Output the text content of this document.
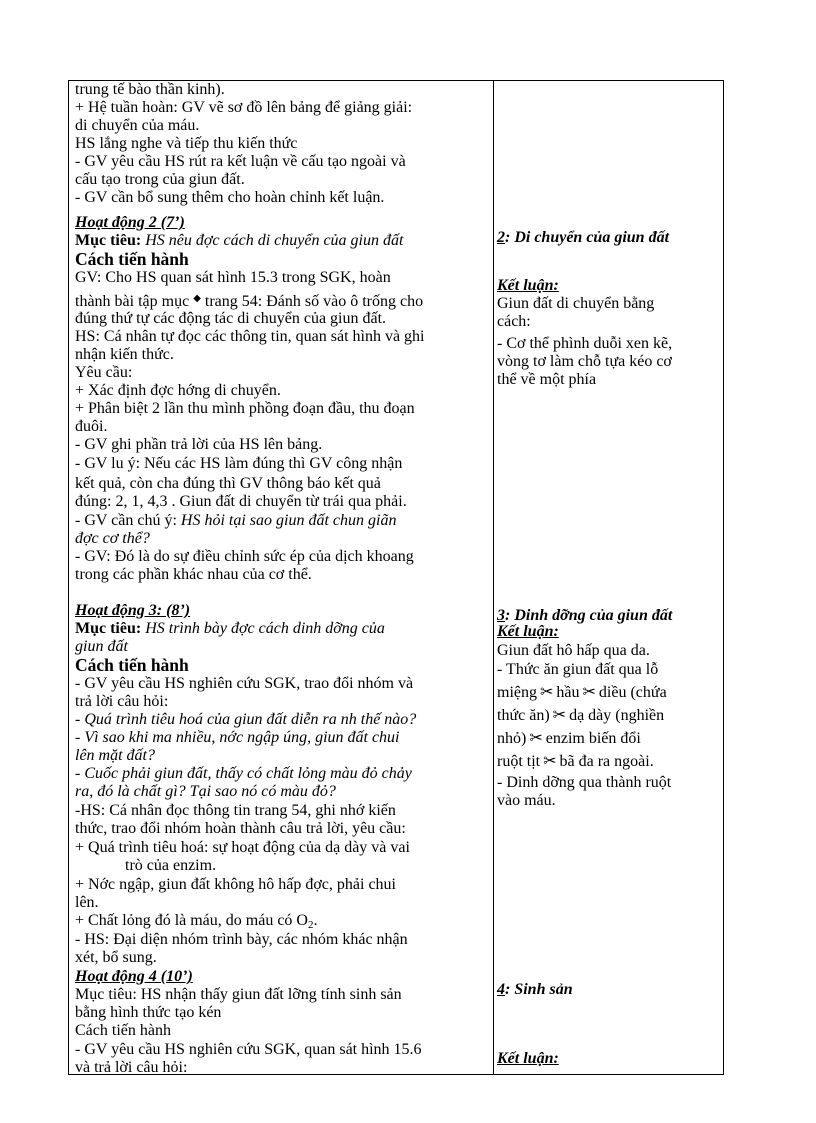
trung tế bào thần kinh).
+ Hệ tuần hoàn: GV vẽ sơ đồ lên bảng để giảng giải:
di chuyển của máu.
HS lắng nghe và tiếp thu kiến thức
- GV yêu cầu HS rút ra kết luận về cấu tạo ngoài và
cấu tạo trong của giun đất.
- GV cần bổ sung thêm cho hoàn chỉnh kết luận.
Hoạt động 2 (7’)
Mục tiêu: HS nêu đợc cách di chuyển của giun đất
Cách tiến hành
GV: Cho HS quan sát hình 15.3 trong SGK, hoàn
thành bài tập mục ◆ trang 54: Đánh số vào ô trống cho
đúng thứ tự các động tác di chuyển của giun đất.
HS: Cá nhân tự đọc các thông tin, quan sát hình và ghi
nhận kiến thức.
Yêu cầu:
+ Xác định đợc hớng di chuyển.
+ Phân biệt 2 lần thu mình phồng đoạn đầu, thu đoạn
đuôi.
- GV ghi phần trả lời của HS lên bảng.
- GV lu ý: Nếu các HS làm đúng thì GV công nhận
kết quả, còn cha đúng thì GV thông báo kết quả
đúng: 2, 1, 4,3 . Giun đất di chuyển từ trái qua phải.
- GV cần chú ý: HS hỏi tại sao giun đất chun giãn
đợc cơ thể?
- GV: Đó là do sự điều chỉnh sức ép của dịch khoang
trong các phần khác nhau của cơ thể.
Hoạt động 3: (8’)
Mục tiêu: HS trình bày đợc cách dinh dỡng của
giun đất
Cách tiến hành
- GV yêu cầu HS nghiên cứu SGK, trao đổi nhóm và
trả lời câu hỏi:
- Quá trình tiêu hoá của giun đất diễn ra nh thế nào?
- Vì sao khi ma nhiều, nớc ngập úng, giun đất chui
lên mặt đất?
- Cuốc phải giun đất, thấy có chất lỏng màu đỏ chảy
ra, đó là chất gì? Tại sao nó có màu đỏ?
-HS: Cá nhân đọc thông tin trang 54, ghi nhớ kiến
thức, trao đổi nhóm hoàn thành câu trả lời, yêu cầu:
+ Quá trình tiêu hoá: sự hoạt động của dạ dày và vai
trò của enzim.
+ Nớc ngập, giun đất không hô hấp đợc, phải chui
lên.
+ Chất lỏng đó là máu, do máu có $O_2$.
- HS: Đại diện nhóm trình bày, các nhóm khác nhận
xét, bổ sung.
Hoạt động 4 (10’)
Mục tiêu: HS nhận thấy giun đất lỡng tính sinh sản
bằng hình thức tạo kén
Cách tiến hành
- GV yêu cầu HS nghiên cứu SGK, quan sát hình 15.6
và trả lời câu hỏi:
2: Di chuyển của giun đất
Kết luận:
Giun đất di chuyển bằng
cách:
- Cơ thể phình duỗi xen kẽ,
vòng tơ làm chỗ tựa kéo cơ
thể về một phía
3: Dinh dỡng của giun đất
Kết luận:
Giun đất hô hấp qua da.
- Thức ăn giun đất qua lỗ
miệng ✂ hầu ✂ diều (chứa
thức ăn) ✂ dạ dày (nghiền
nhỏ) ✂ enzim biến đổi
ruột tịt ✂ bã đa ra ngoài.
- Dinh dỡng qua thành ruột
vào máu.
4: Sinh sản
Kết luận:
